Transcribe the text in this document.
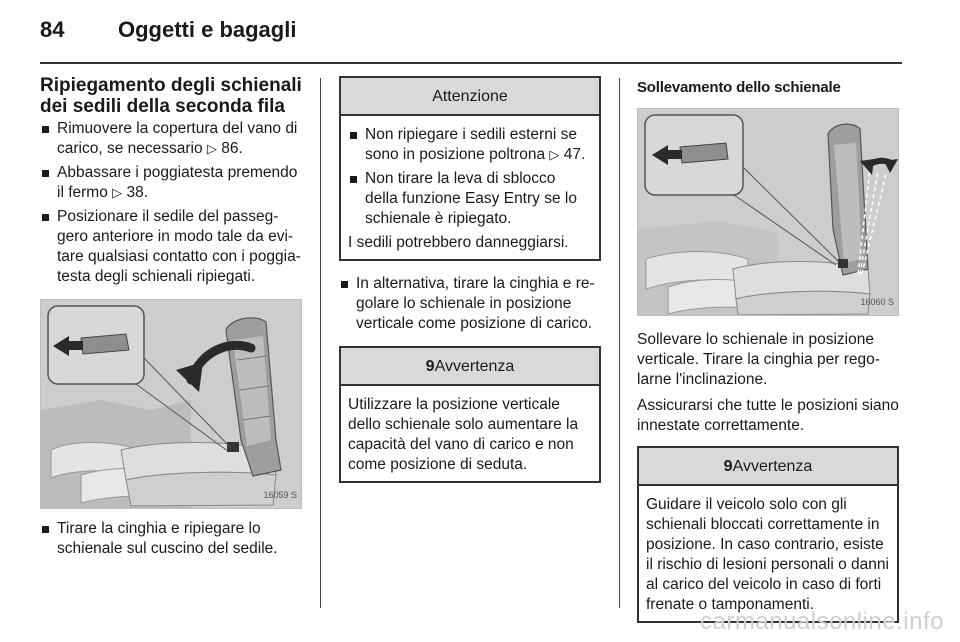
84 Oggetti e bagagli
Ripiegamento degli schienali dei sedili della seconda fila
Rimuovere la copertura del vano di carico, se necessario ▷ 86.
Abbassare i poggiatesta premendo il fermo ▷ 38.
Posizionare il sedile del passeg-gero anteriore in modo tale da evi-tare qualsiasi contatto con i poggia-testa degli schienali ripiegati.
16059 S
Tirare la cinghia e ripiegare lo schienale sul cuscino del sedile.
Attenzione
Non ripiegare i sedili esterni se sono in posizione poltrona ▷ 47.
Non tirare la leva di sblocco della funzione Easy Entry se lo schienale è ripiegato.

I sedili potrebbero danneggiarsi.

In alternativa, tirare la cinghia e re-golare lo schienale in posizione verticale come posizione di carico.
9Avvertenza

Utilizzare la posizione verticale dello schienale solo aumentare la capacità del vano di carico e non come posizione di seduta.

Sollevamento dello schienale
16060 S

Sollevare lo schienale in posizione verticale. Tirare la cinghia per rego-larne l'inclinazione.

Assicurarsi che tutte le posizioni siano innestate correttamente.

9Avvertenza

Guidare il veicolo solo con gli schienali bloccati correttamente in posizione. In caso contrario, esiste il rischio di lesioni personali o danni al carico del veicolo in caso di forti frenate o tamponamenti.

carmanualsonline.info
